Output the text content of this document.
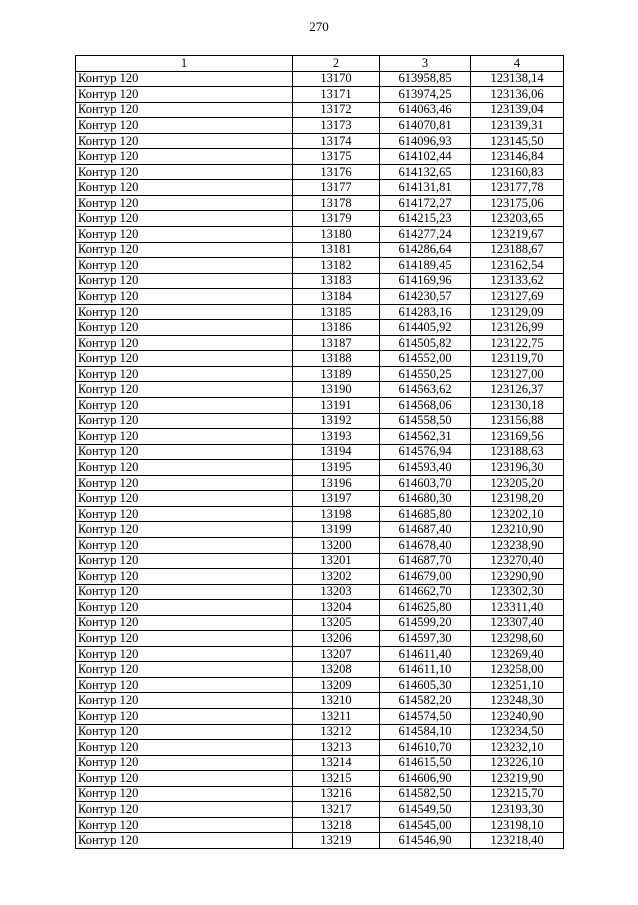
270
1	2	3	4
Контур 120	13170	613958,85	123138,14
Контур 120	13171	613974,25	123136,06
Контур 120	13172	614063,46	123139,04
Контур 120	13173	614070,81	123139,31
Контур 120	13174	614096,93	123145,50
Контур 120	13175	614102,44	123146,84
Контур 120	13176	614132,65	123160,83
Контур 120	13177	614131,81	123177,78
Контур 120	13178	614172,27	123175,06
Контур 120	13179	614215,23	123203,65
Контур 120	13180	614277,24	123219,67
Контур 120	13181	614286,64	123188,67
Контур 120	13182	614189,45	123162,54
Контур 120	13183	614169,96	123133,62
Контур 120	13184	614230,57	123127,69
Контур 120	13185	614283,16	123129,09
Контур 120	13186	614405,92	123126,99
Контур 120	13187	614505,82	123122,75
Контур 120	13188	614552,00	123119,70
Контур 120	13189	614550,25	123127,00
Контур 120	13190	614563,62	123126,37
Контур 120	13191	614568,06	123130,18
Контур 120	13192	614558,50	123156,88
Контур 120	13193	614562,31	123169,56
Контур 120	13194	614576,94	123188,63
Контур 120	13195	614593,40	123196,30
Контур 120	13196	614603,70	123205,20
Контур 120	13197	614680,30	123198,20
Контур 120	13198	614685,80	123202,10
Контур 120	13199	614687,40	123210,90
Контур 120	13200	614678,40	123238,90
Контур 120	13201	614687,70	123270,40
Контур 120	13202	614679,00	123290,90
Контур 120	13203	614662,70	123302,30
Контур 120	13204	614625,80	123311,40
Контур 120	13205	614599,20	123307,40
Контур 120	13206	614597,30	123298,60
Контур 120	13207	614611,40	123269,40
Контур 120	13208	614611,10	123258,00
Контур 120	13209	614605,30	123251,10
Контур 120	13210	614582,20	123248,30
Контур 120	13211	614574,50	123240,90
Контур 120	13212	614584,10	123234,50
Контур 120	13213	614610,70	123232,10
Контур 120	13214	614615,50	123226,10
Контур 120	13215	614606,90	123219,90
Контур 120	13216	614582,50	123215,70
Контур 120	13217	614549,50	123193,30
Контур 120	13218	614545,00	123198,10
Контур 120	13219	614546,90	123218,40
